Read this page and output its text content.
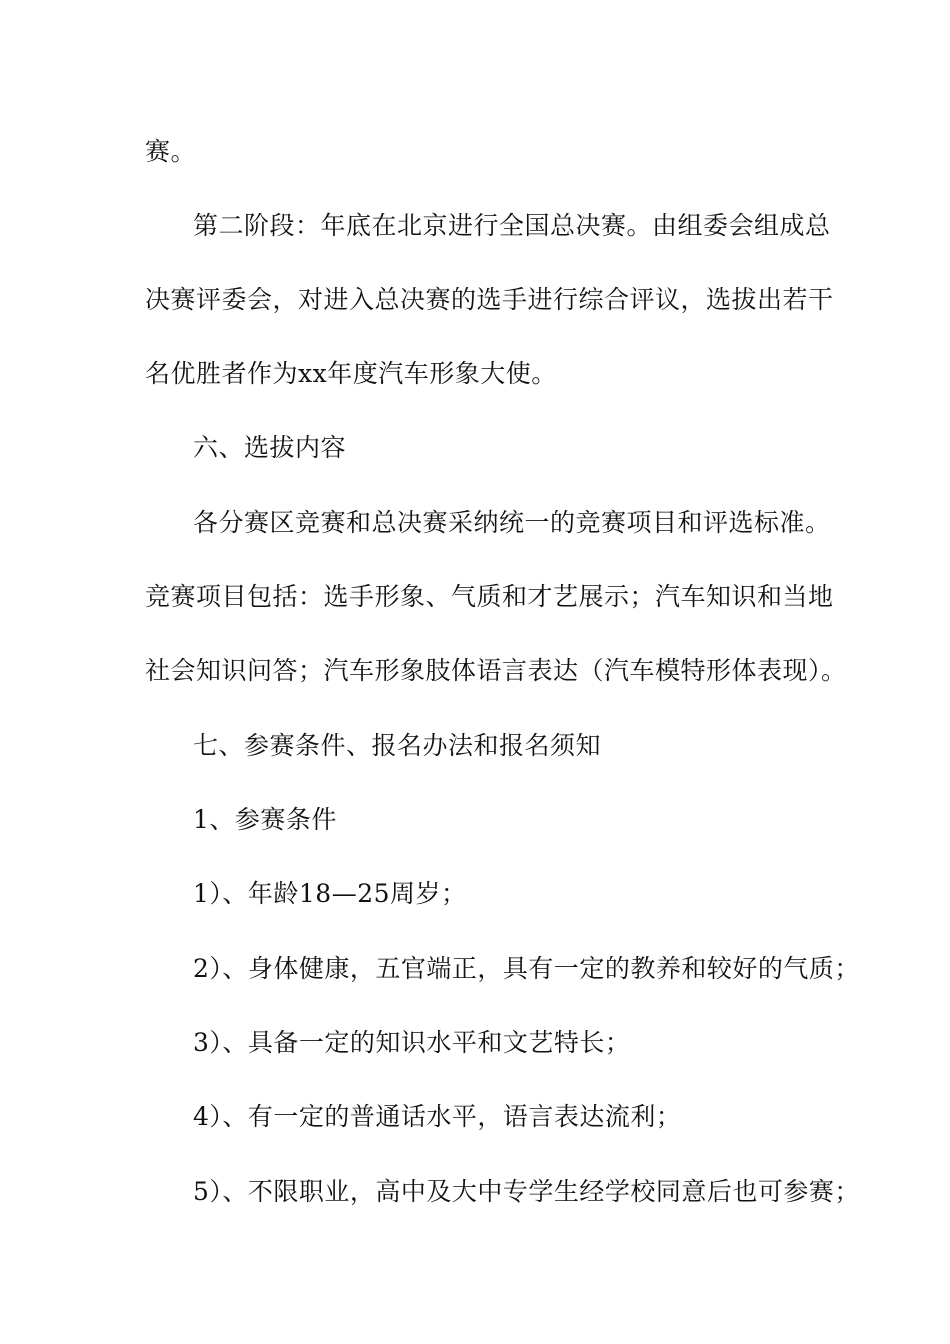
赛。
第二阶段：年底在北京进行全国总决赛。由组委会组成总
决赛评委会，对进入总决赛的选手进行综合评议，选拔出若干
名优胜者作为xx年度汽车形象大使。
六、选拔内容
各分赛区竞赛和总决赛采纳统一的竞赛项目和评选标准。
竞赛项目包括：选手形象、气质和才艺展示；汽车知识和当地
社会知识问答；汽车形象肢体语言表达（汽车模特形体表现）。
七、参赛条件、报名办法和报名须知
1、参赛条件
1）、年龄18—25周岁；
2）、身体健康，五官端正，具有一定的教养和较好的气质；
3）、具备一定的知识水平和文艺特长；
4）、有一定的普通话水平，语言表达流利；
5）、不限职业，高中及大中专学生经学校同意后也可参赛；
